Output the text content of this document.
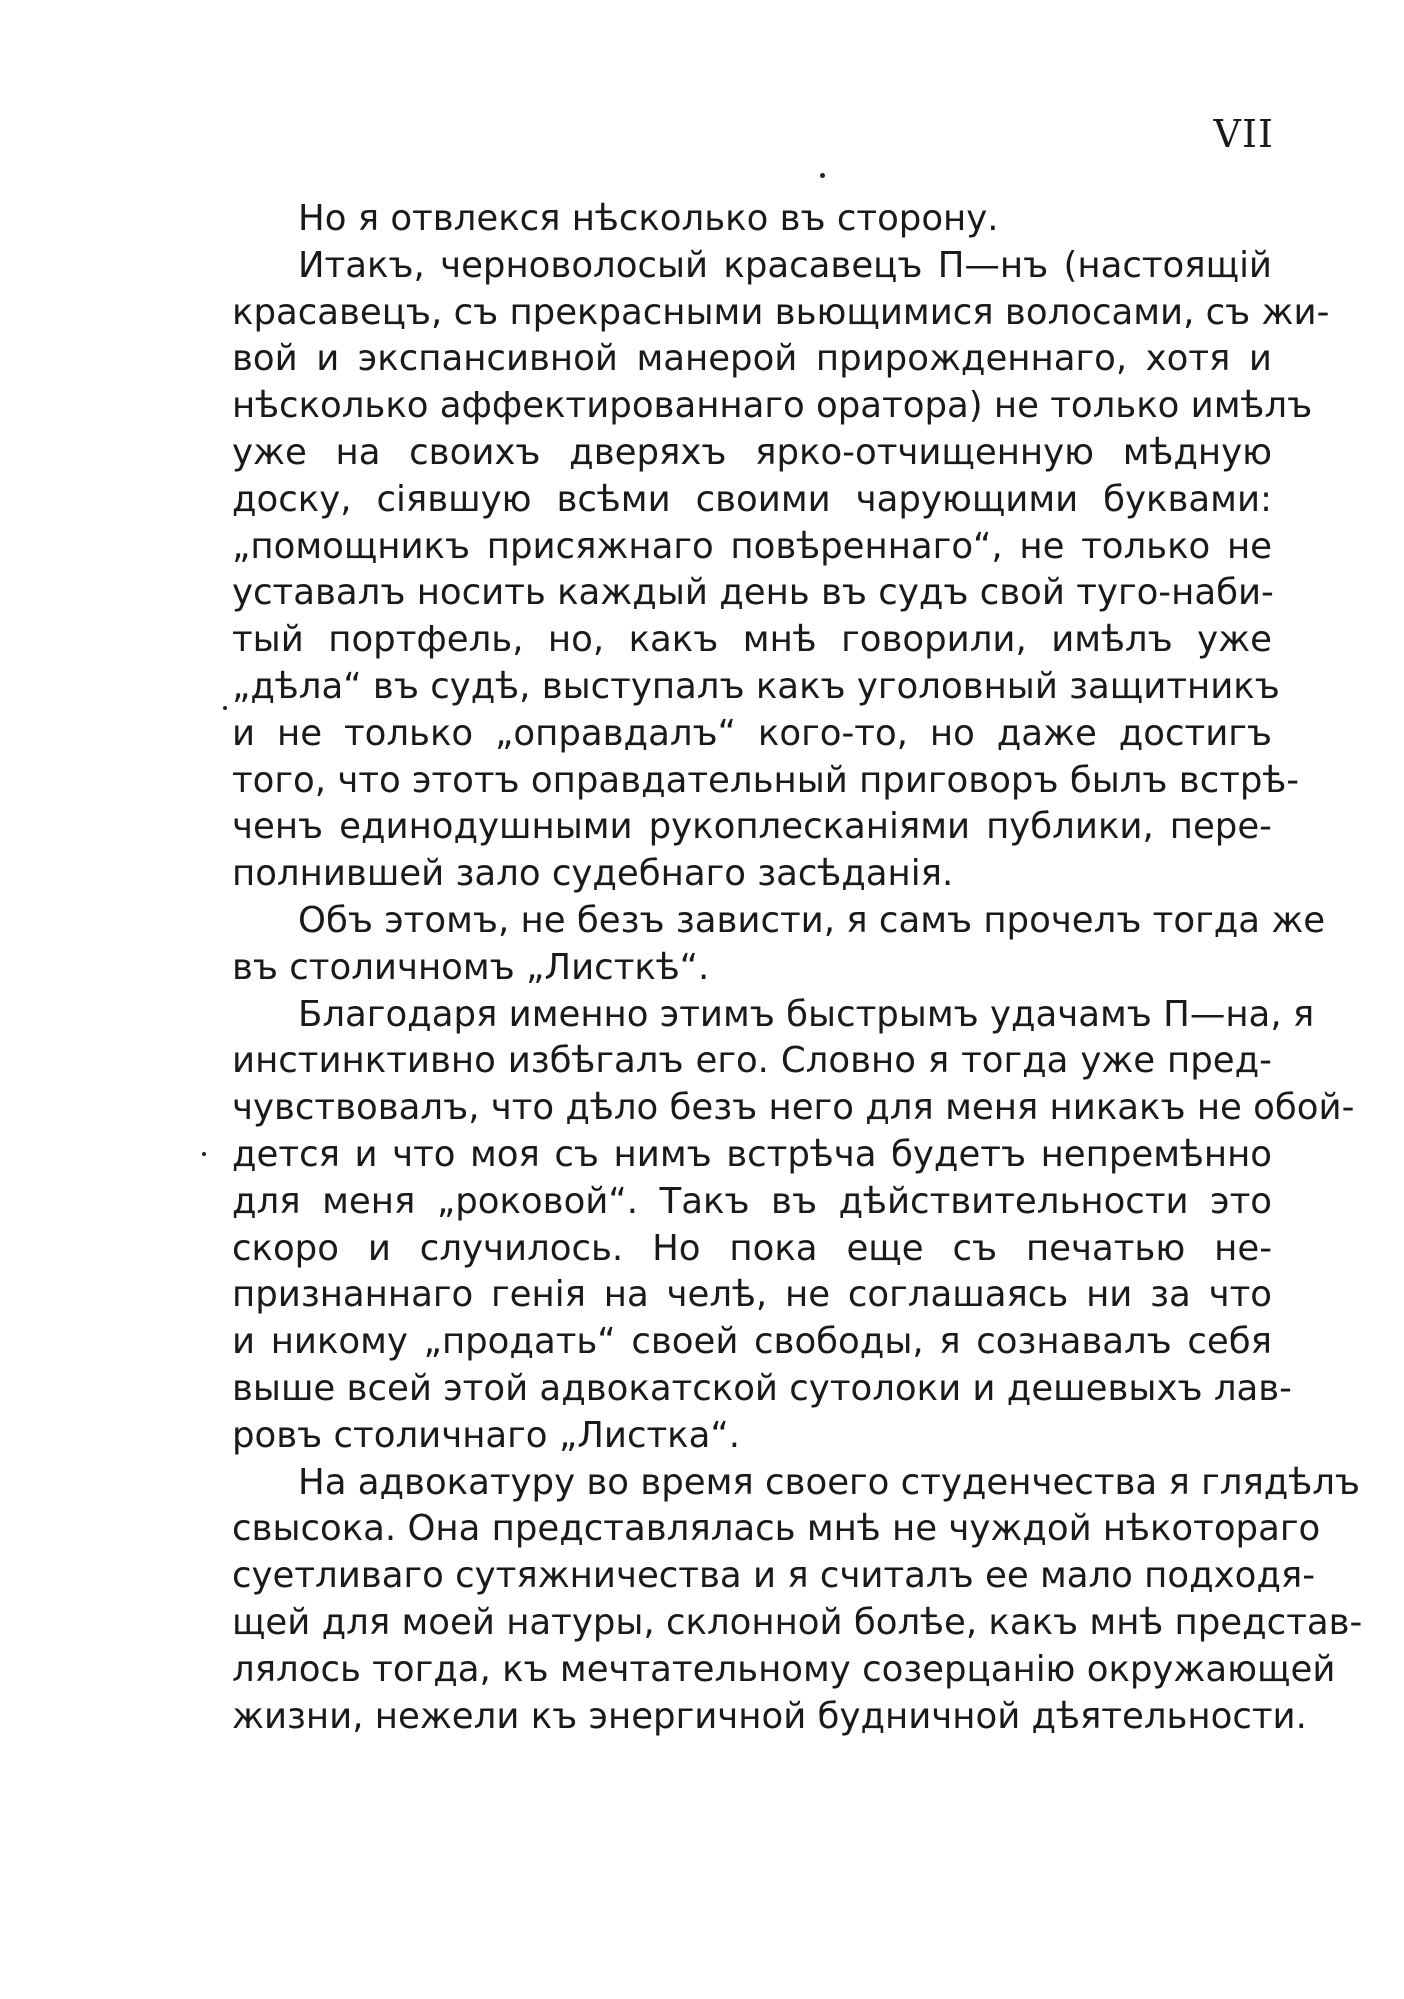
VII
Но я отвлекся нѣсколько въ сторону.
Итакъ, черноволосый красавецъ П—нъ (настоящій
красавецъ, съ прекрасными вьющимися волосами, съ жи-
вой и экспансивной манерой прирожденнаго, хотя и
нѣсколько аффектированнаго оратора) не только имѣлъ
уже на своихъ дверяхъ ярко-отчищенную мѣдную
доску, сіявшую всѣми своими чарующими буквами:
„помощникъ присяжнаго повѣреннаго“, не только не
уставалъ носить каждый день въ судъ свой туго-наби-
тый портфель, но, какъ мнѣ говорили, имѣлъ уже
„дѣла“ въ судѣ, выступалъ какъ уголовный защитникъ
и не только „оправдалъ“ кого-то, но даже достигъ
того, что этотъ оправдательный приговоръ былъ встрѣ-
ченъ единодушными рукоплесканіями публики, пере-
полнившей зало судебнаго засѣданія.
Объ этомъ, не безъ зависти, я самъ прочелъ тогда же
въ столичномъ „Листкѣ“.
Благодаря именно этимъ быстрымъ удачамъ П—на, я
инстинктивно избѣгалъ его. Словно я тогда уже пред-
чувствовалъ, что дѣло безъ него для меня никакъ не обой-
дется и что моя съ нимъ встрѣча будетъ непремѣнно
для меня „роковой“. Такъ въ дѣйствительности это
скоро и случилось. Но пока еще съ печатью не-
признаннаго генія на челѣ, не соглашаясь ни за что
и никому „продать“ своей свободы, я сознавалъ себя
выше всей этой адвокатской сутолоки и дешевыхъ лав-
ровъ столичнаго „Листка“.
На адвокатуру во время своего студенчества я глядѣлъ
свысока. Она представлялась мнѣ не чуждой нѣкотораго
суетливаго сутяжничества и я считалъ ее мало подходя-
щей для моей натуры, склонной болѣе, какъ мнѣ представ-
лялось тогда, къ мечтательному созерцанію окружающей
жизни, нежели къ энергичной будничной дѣятельности.
